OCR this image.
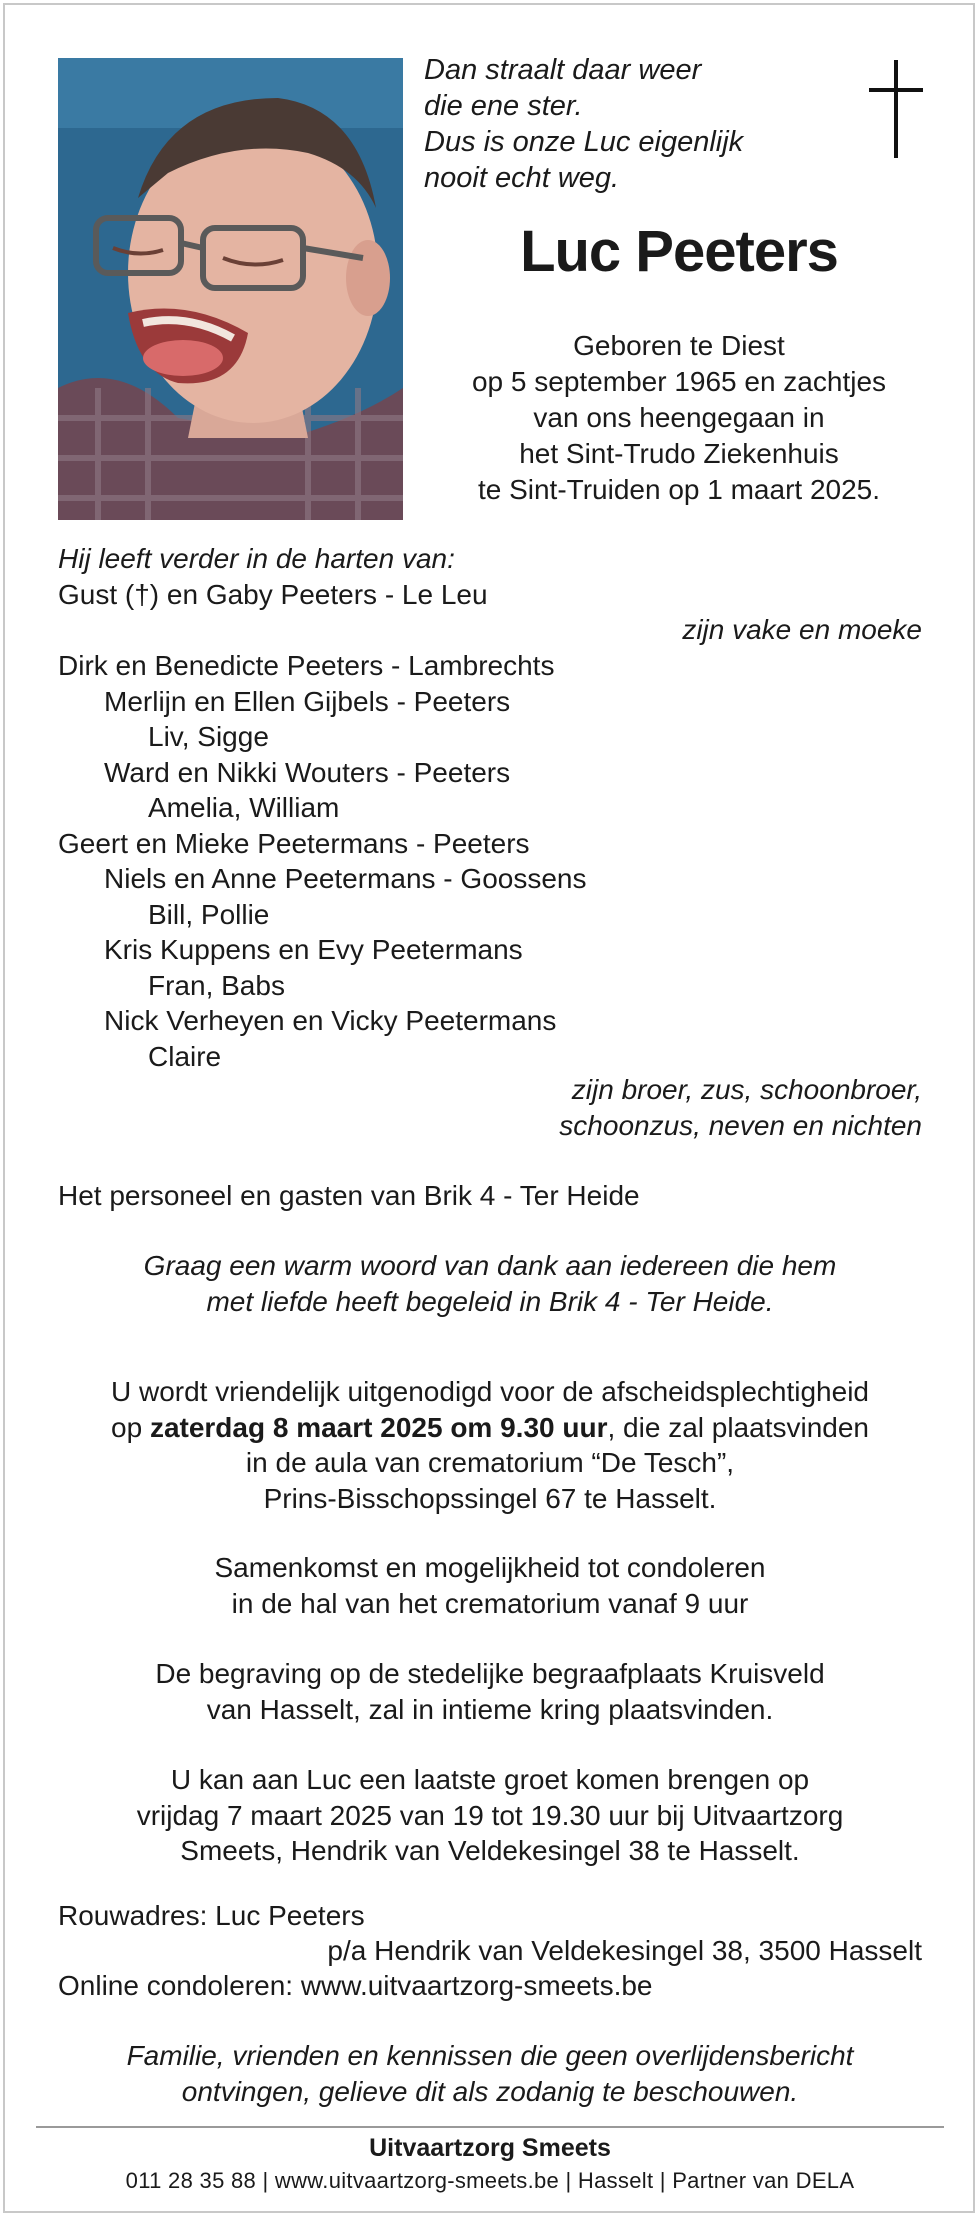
Dan straalt daar weer
die ene ster.
Dus is onze Luc eigenlijk
nooit echt weg.
Luc Peeters
Geboren te Diest
op 5 september 1965 en zachtjes
van ons heengegaan in
het Sint-Trudo Ziekenhuis
te Sint-Truiden op 1 maart 2025.
Hij leeft verder in de harten van:
Gust (†) en Gaby Peeters - Le Leu
zijn vake en moeke
Dirk en Benedicte Peeters - Lambrechts
Merlijn en Ellen Gijbels - Peeters
Liv, Sigge
Ward en Nikki Wouters - Peeters
Amelia, William
Geert en Mieke Peetermans - Peeters
Niels en Anne Peetermans - Goossens
Bill, Pollie
Kris Kuppens en Evy Peetermans
Fran, Babs
Nick Verheyen en Vicky Peetermans
Claire
zijn broer, zus, schoonbroer,
schoonzus, neven en nichten
Het personeel en gasten van Brik 4 - Ter Heide
Graag een warm woord van dank aan iedereen die hem
met liefde heeft begeleid in Brik 4 - Ter Heide.
U wordt vriendelijk uitgenodigd voor de afscheidsplechtigheid
op zaterdag 8 maart 2025 om 9.30 uur, die zal plaatsvinden
in de aula van crematorium “De Tesch”,
Prins-Bisschopssingel 67 te Hasselt.
Samenkomst en mogelijkheid tot condoleren
in de hal van het crematorium vanaf 9 uur
De begraving op de stedelijke begraafplaats Kruisveld
van Hasselt, zal in intieme kring plaatsvinden.
U kan aan Luc een laatste groet komen brengen op
vrijdag 7 maart 2025 van 19 tot 19.30 uur bij Uitvaartzorg
Smeets, Hendrik van Veldekesingel 38 te Hasselt.
Rouwadres: Luc Peeters
p/a Hendrik van Veldekesingel 38, 3500 Hasselt
Online condoleren: www.uitvaartzorg-smeets.be
Familie, vrienden en kennissen die geen overlijdensbericht
ontvingen, gelieve dit als zodanig te beschouwen.
Uitvaartzorg Smeets
011 28 35 88 | www.uitvaartzorg-smeets.be | Hasselt | Partner van DELA
